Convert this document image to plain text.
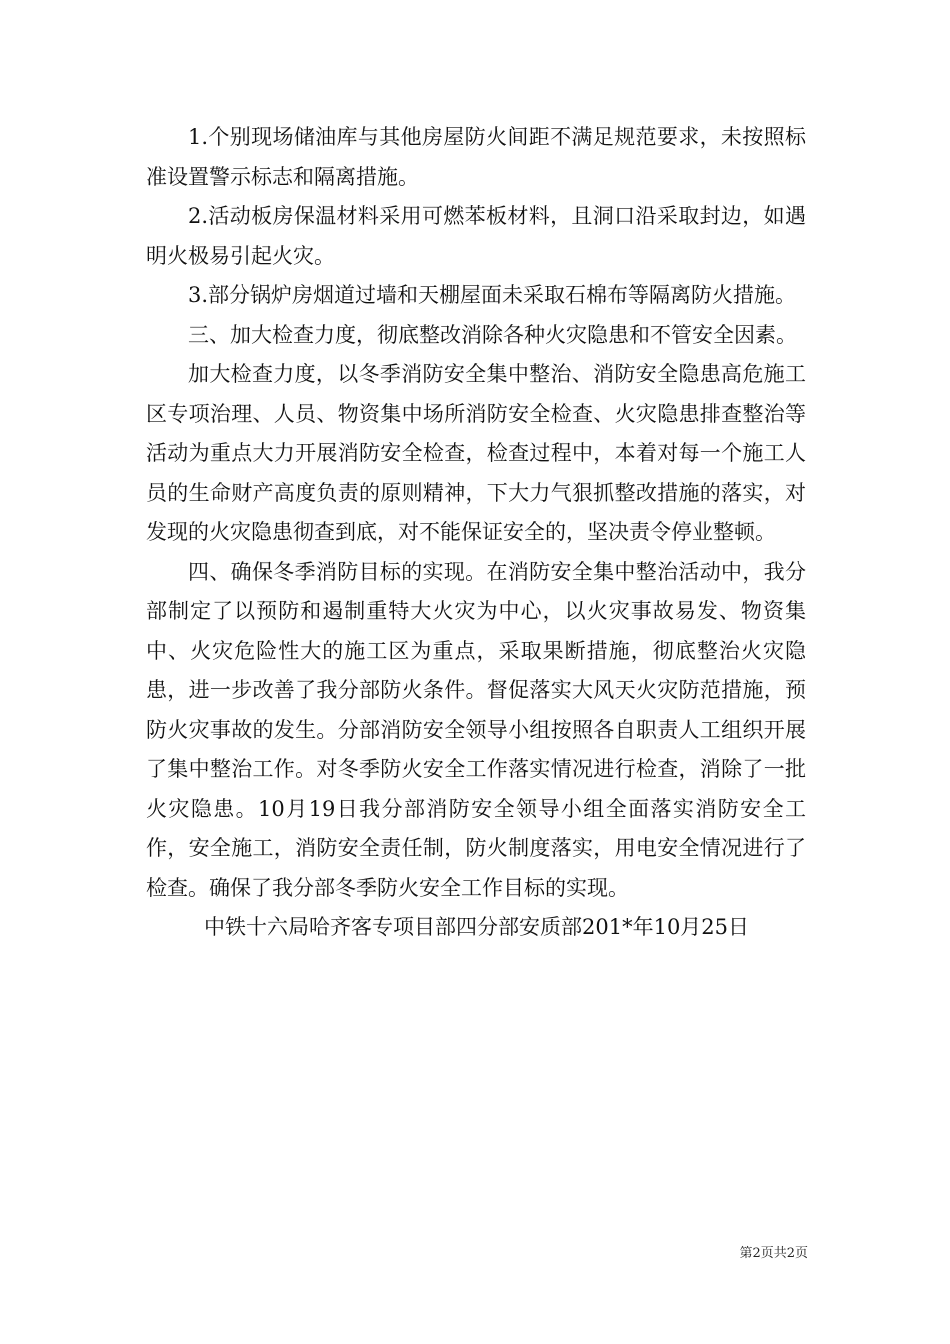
1.个别现场储油库与其他房屋防火间距不满足规范要求，未按照标准设置警示标志和隔离措施。

2.活动板房保温材料采用可燃苯板材料，且洞口沿采取封边，如遇明火极易引起火灾。

3.部分锅炉房烟道过墙和天棚屋面未采取石棉布等隔离防火措施。

三、加大检查力度，彻底整改消除各种火灾隐患和不管安全因素。

加大检查力度，以冬季消防安全集中整治、消防安全隐患高危施工区专项治理、人员、物资集中场所消防安全检查、火灾隐患排查整治等活动为重点大力开展消防安全检查，检查过程中，本着对每一个施工人员的生命财产高度负责的原则精神，下大力气狠抓整改措施的落实，对发现的火灾隐患彻查到底，对不能保证安全的，坚决责令停业整顿。

四、确保冬季消防目标的实现。在消防安全集中整治活动中，我分部制定了以预防和遏制重特大火灾为中心，以火灾事故易发、物资集中、火灾危险性大的施工区为重点，采取果断措施，彻底整治火灾隐患，进一步改善了我分部防火条件。督促落实大风天火灾防范措施，预防火灾事故的发生。分部消防安全领导小组按照各自职责人工组织开展了集中整治工作。对冬季防火安全工作落实情况进行检查，消除了一批火灾隐患。10月19日我分部消防安全领导小组全面落实消防安全工作，安全施工，消防安全责任制，防火制度落实，用电安全情况进行了检查。确保了我分部冬季防火安全工作目标的实现。

中铁十六局哈齐客专项目部四分部安质部201*年10月25日

第2页共2页
